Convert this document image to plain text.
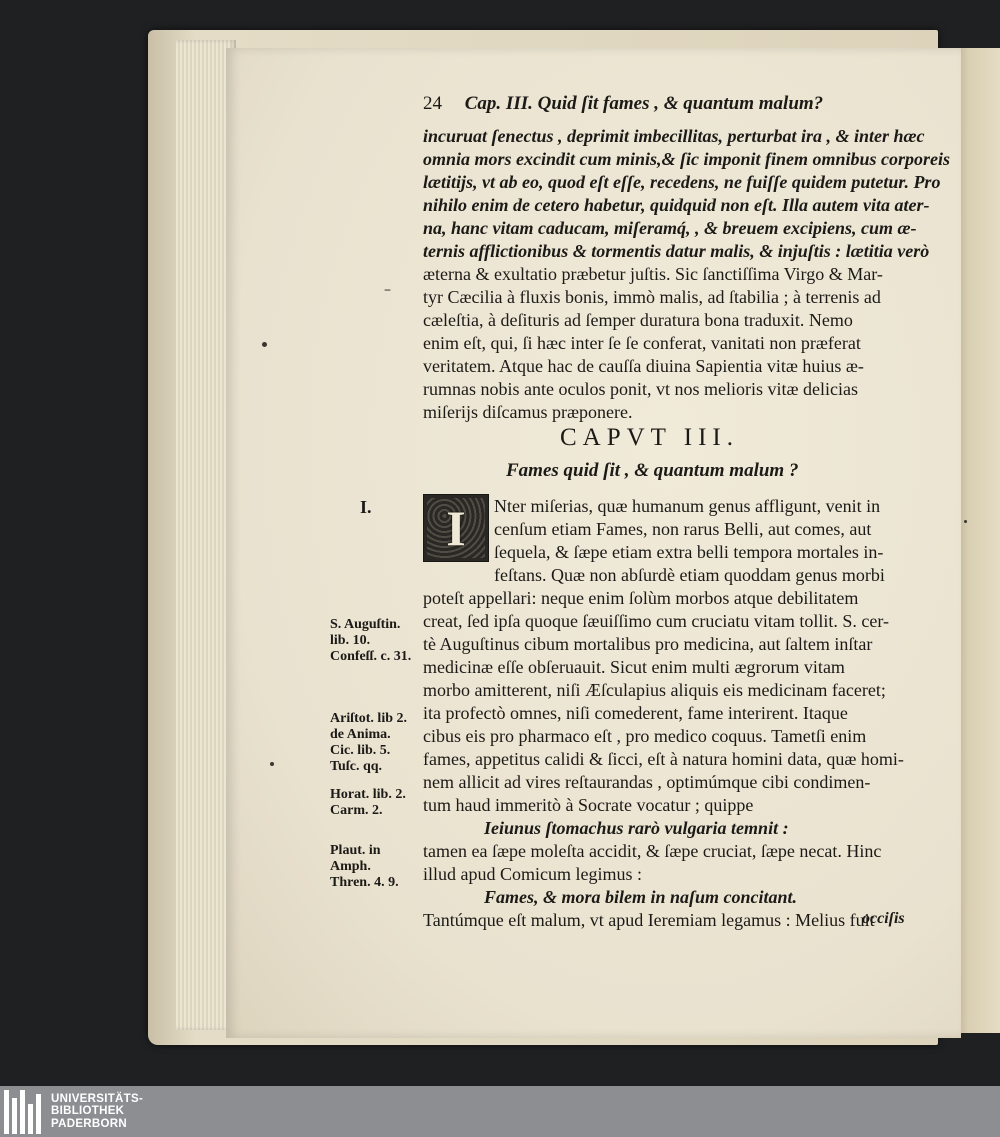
24 Cap. III. Quid ſit fames , & quantum malum?
incuruat ſenectus , deprimit imbecillitas, perturbat ira , & inter hæc
omnia mors excindit cum minis,& ſic imponit finem omnibus corporeis
lætitijs, vt ab eo, quod eſt eſſe, recedens, ne fuiſſe quidem putetur. Pro
nihilo enim de cetero habetur, quidquid non eſt. Illa autem vita ater-
na, hanc vitam caducam, miſeramq́, , & breuem excipiens, cum æ-
ternis afflictionibus & tormentis datur malis, & injuſtis : lætitia verò
æterna & exultatio præbetur juſtis. Sic ſanctiſſima Virgo & Mar-
tyr Cæcilia à fluxis bonis, immò malis, ad ſtabilia ; à terrenis ad
cæleſtia, à deſituris ad ſemper duratura bona traduxit. Nemo
enim eſt, qui, ſi hæc inter ſe ſe conferat, vanitati non præferat
veritatem. Atque hac de cauſſa diuina Sapientia vitæ huius æ-
rumnas nobis ante oculos ponit, vt nos melioris vitæ delicias
miſerijs diſcamus præponere.
–
CAPVT III.
Fames quid ſit , & quantum malum ?
I. I Nter miſerias, quæ humanum genus affligunt, venit in
cenſum etiam Fames, non rarus Belli, aut comes, aut
ſequela, & ſæpe etiam extra belli tempora mortales in-
feſtans. Quæ non abſurdè etiam quoddam genus morbi
poteſt appellari: neque enim ſolùm morbos atque debilitatem
creat, ſed ipſa quoque ſæuiſſimo cum cruciatu vitam tollit. S. cer-
tè Auguſtinus cibum mortalibus pro medicina, aut ſaltem inſtar
medicinæ eſſe obſeruauit. Sicut enim multi ægrorum vitam
morbo amitterent, niſi Æſculapius aliquis eis medicinam faceret;
ita profectò omnes, niſi comederent, fame interirent. Itaque
cibus eis pro pharmaco eſt , pro medico coquus. Tametſi enim
fames, appetitus calidi & ſicci, eſt à natura homini data, quæ homi-
nem allicit ad vires reſtaurandas , optimúmque cibi condimen-
tum haud immeritò à Socrate vocatur ; quippe
Ieiunus ſtomachus rarò vulgaria temnit :
tamen ea ſæpe moleſta accidit, & ſæpe cruciat, ſæpe necat. Hinc
illud apud Comicum legimus :
Fames, & mora bilem in naſum concitant.
Tantúmque eſt malum, vt apud Ieremiam legamus : Melius fuit
occiſis
S. Auguſtin.
lib. 10.
Confeſſ. c. 31.
Ariſtot. lib 2.
de Anima.
Cic. lib. 5.
Tuſc. qq.
Horat. lib. 2.
Carm. 2.
Plaut. in
Amph.
Thren. 4. 9.
UNIVERSITÄTS-
BIBLIOTHEK
PADERBORN
